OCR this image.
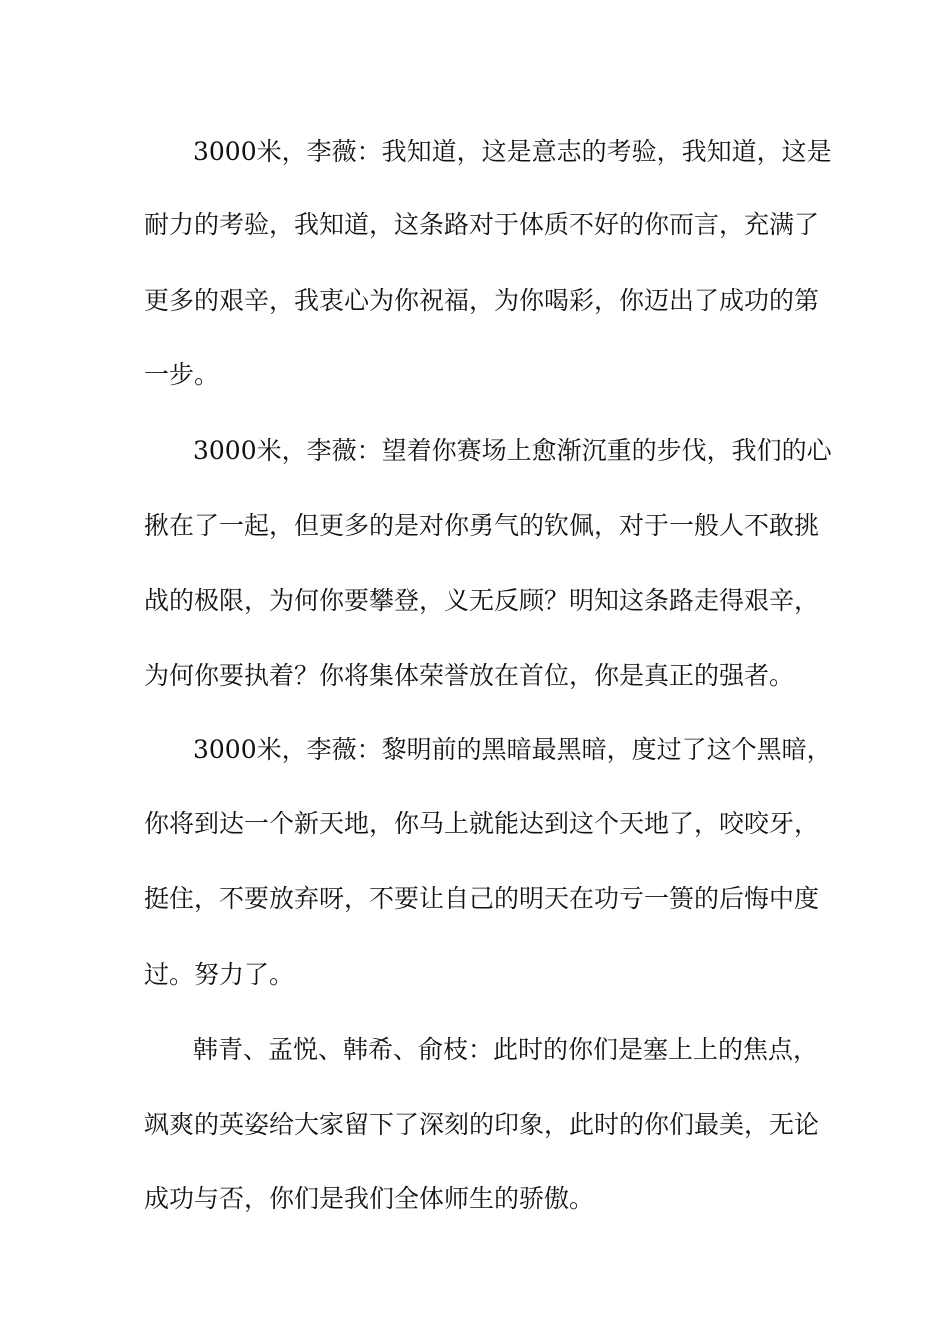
3000米，李薇：我知道，这是意志的考验，我知道，这是
耐力的考验，我知道，这条路对于体质不好的你而言，充满了
更多的艰辛，我衷心为你祝福，为你喝彩，你迈出了成功的第
一步。
3000米，李薇：望着你赛场上愈渐沉重的步伐，我们的心
揪在了一起，但更多的是对你勇气的钦佩，对于一般人不敢挑
战的极限，为何你要攀登，义无反顾？明知这条路走得艰辛，
为何你要执着？你将集体荣誉放在首位，你是真正的强者。
3000米，李薇：黎明前的黑暗最黑暗，度过了这个黑暗，
你将到达一个新天地，你马上就能达到这个天地了，咬咬牙，
挺住，不要放弃呀，不要让自己的明天在功亏一篑的后悔中度
过。努力了。
韩青、孟悦、韩希、俞枝：此时的你们是塞上上的焦点，
飒爽的英姿给大家留下了深刻的印象，此时的你们最美，无论
成功与否，你们是我们全体师生的骄傲。
